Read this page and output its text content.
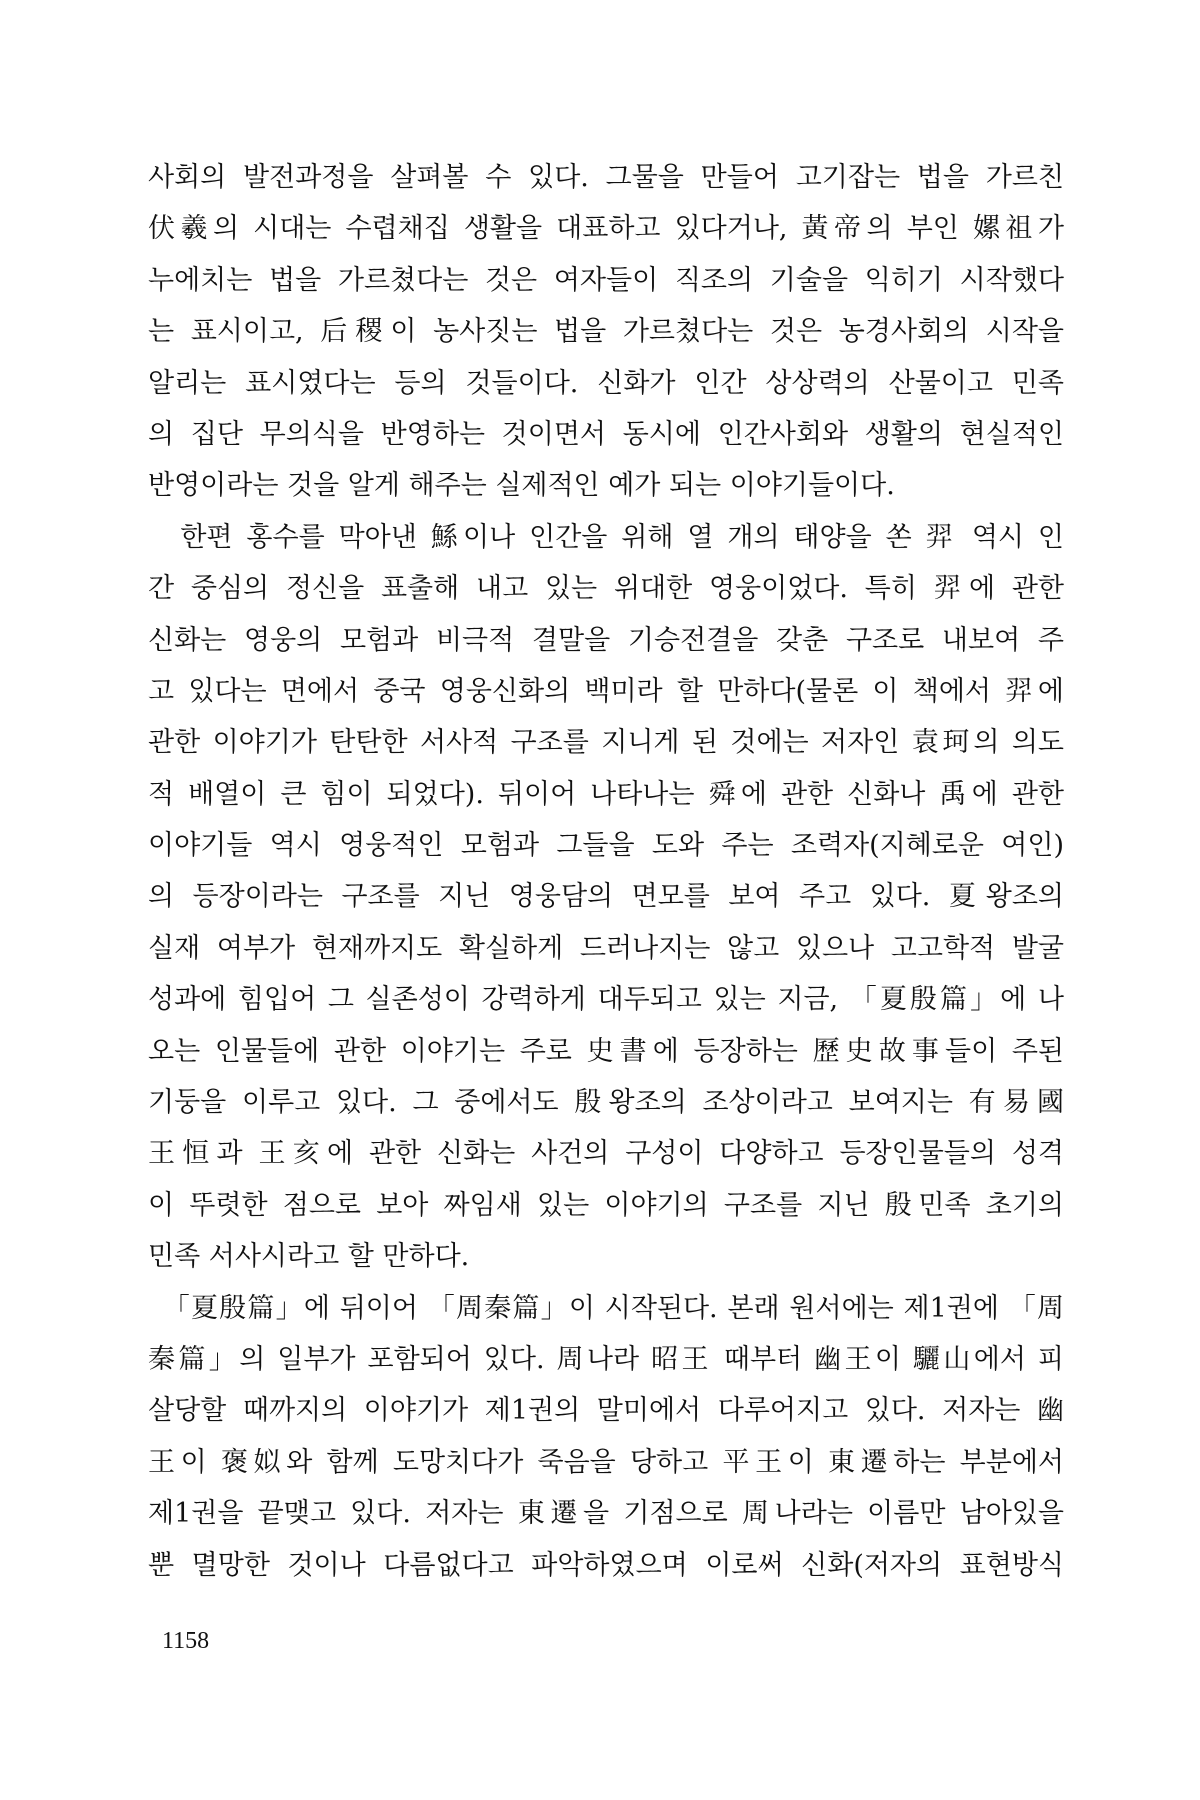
사회의 발전과정을 살펴볼 수 있다. 그물을 만들어 고기잡는 법을 가르친
伏羲의 시대는 수렵채집 생활을 대표하고 있다거나, 黃帝의 부인 嫘祖가
누에치는 법을 가르쳤다는 것은 여자들이 직조의 기술을 익히기 시작했다
는 표시이고, 后稷이 농사짓는 법을 가르쳤다는 것은 농경사회의 시작을
알리는 표시였다는 등의 것들이다. 신화가 인간 상상력의 산물이고 민족
의 집단 무의식을 반영하는 것이면서 동시에 인간사회와 생활의 현실적인
반영이라는 것을 알게 해주는 실제적인 예가 되는 이야기들이다.
　한편 홍수를 막아낸 鯀이나 인간을 위해 열 개의 태양을 쏜 羿 역시 인
간 중심의 정신을 표출해 내고 있는 위대한 영웅이었다. 특히 羿에 관한
신화는 영웅의 모험과 비극적 결말을 기승전결을 갖춘 구조로 내보여 주
고 있다는 면에서 중국 영웅신화의 백미라 할 만하다(물론 이 책에서 羿에
관한 이야기가 탄탄한 서사적 구조를 지니게 된 것에는 저자인 袁珂의 의도
적 배열이 큰 힘이 되었다). 뒤이어 나타나는 舜에 관한 신화나 禹에 관한
이야기들 역시 영웅적인 모험과 그들을 도와 주는 조력자(지혜로운 여인)
의 등장이라는 구조를 지닌 영웅담의 면모를 보여 주고 있다. 夏왕조의
실재 여부가 현재까지도 확실하게 드러나지는 않고 있으나 고고학적 발굴
성과에 힘입어 그 실존성이 강력하게 대두되고 있는 지금, 「夏殷篇」에 나
오는 인물들에 관한 이야기는 주로 史書에 등장하는 歷史故事들이 주된
기둥을 이루고 있다. 그 중에서도 殷왕조의 조상이라고 보여지는 有易國
王恒과 王亥에 관한 신화는 사건의 구성이 다양하고 등장인물들의 성격
이 뚜렷한 점으로 보아 짜임새 있는 이야기의 구조를 지닌 殷민족 초기의
민족 서사시라고 할 만하다.
　「夏殷篇」에 뒤이어 「周秦篇」이 시작된다. 본래 원서에는 제1권에 「周
秦篇」의 일부가 포함되어 있다. 周나라 昭王 때부터 幽王이 驪山에서 피
살당할 때까지의 이야기가 제1권의 말미에서 다루어지고 있다. 저자는 幽
王이 褒姒와 함께 도망치다가 죽음을 당하고 平王이 東遷하는 부분에서
제1권을 끝맺고 있다. 저자는 東遷을 기점으로 周나라는 이름만 남아있을
뿐 멸망한 것이나 다름없다고 파악하였으며 이로써 신화(저자의 표현방식
1158
